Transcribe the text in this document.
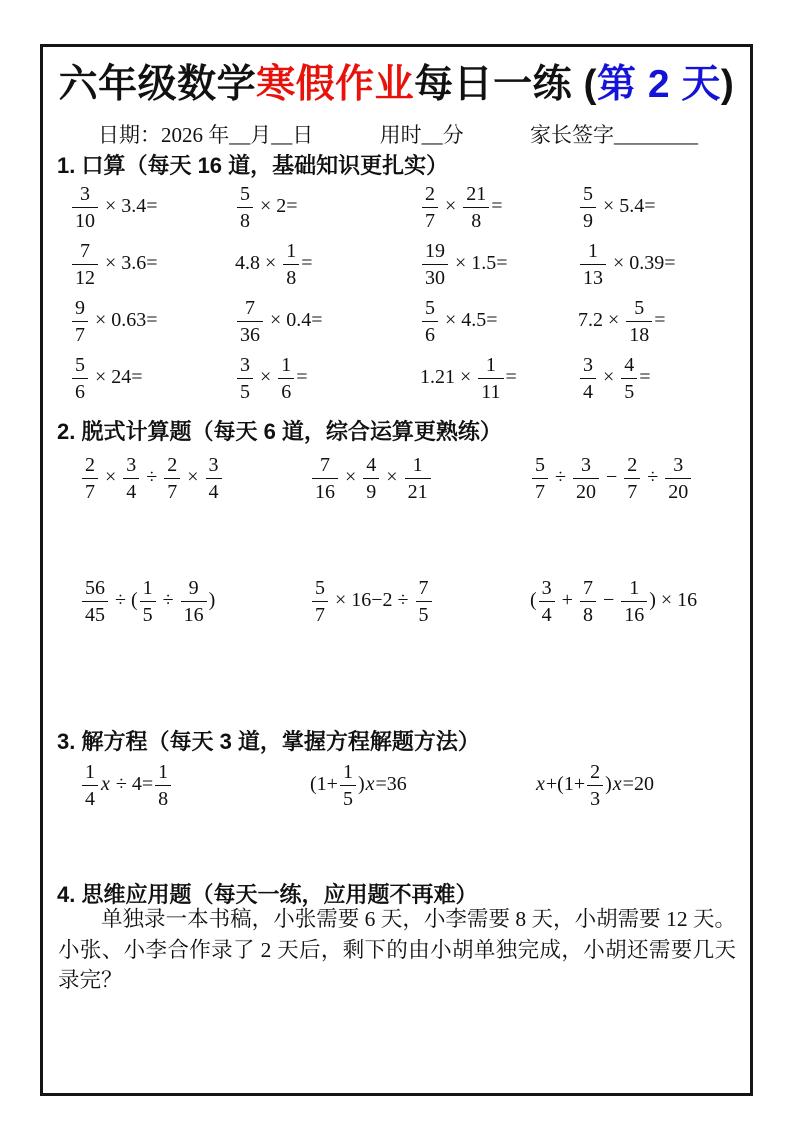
六年级数学寒假作业每日一练 (第 2 天)
日期：2026 年__月__日	用时__分	家长签字________
1. 口算（每天 16 道，基础知识更扎实）
$\frac{3}{10} \times 3.4=$	$\frac{5}{8} \times 2=$	$\frac{2}{7} \times \frac{21}{8}$ =	$\frac{5}{9} \times 5.4=$
$\frac{7}{12} \times 3.6=$	$4.8 \times \frac{1}{8}$ =	$\frac{19}{30} \times 1.5=$	$\frac{1}{13} \times 0.39=$
$\frac{9}{7} \times 0.63=$	$\frac{7}{36} \times 0.4=$	$\frac{5}{6} \times 4.5=$	$7.2 \times \frac{5}{18}$ =
$\frac{5}{6} \times 24=$	$\frac{3}{5} \times \frac{1}{6}$ =	$1.21 \times \frac{1}{11}$ =	$\frac{3}{4} \times \frac{4}{5}$ =
2. 脱式计算题（每天 6 道，综合运算更熟练）
$\frac{2}{7} \times \frac{3}{4} \div \frac{2}{7} \times \frac{3}{4}$	$\frac{7}{16} \times \frac{4}{9} \times \frac{1}{21}$	$\frac{5}{7} \div \frac{3}{20} - \frac{2}{7} \div \frac{3}{20}$
$\frac{56}{45}$ ÷ ( $\frac{1}{5} \div \frac{9}{16}$ )	$\frac{5}{7} \times 16-2 \div \frac{7}{5}$	( $\frac{3}{4} + \frac{7}{8} - \frac{1}{16}$ ) × 16
3. 解方程（每天 3 道，掌握方程解题方法）
$\frac{1}{4}$ $x \div 4= \frac{1}{8}$	$(1+ \frac{1}{5} )x=36$	$x+(1+ \frac{2}{3} )x=20$
4. 思维应用题（每天一练，应用题不再难）
单独录一本书稿，小张需要 6 天，小李需要 8 天，小胡需要 12 天。小张、小李合作录了 2 天后，剩下的由小胡单独完成，小胡还需要几天录完？
